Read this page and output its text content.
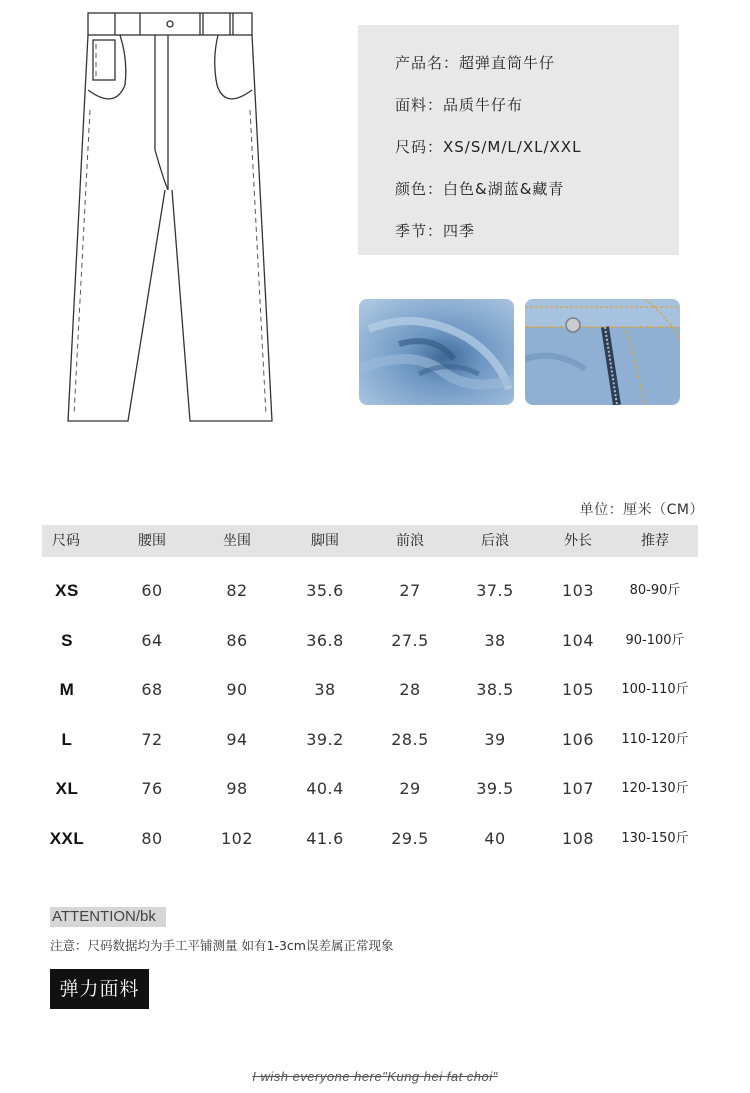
产品名：超弹直筒牛仔
面料：品质牛仔布
尺码：XS/S/M/L/XL/XXL
颜色：白色&湖蓝&藏青
季节：四季
单位：厘米（CM）
尺码	腰围	坐围	脚围	前浪	后浪	外长	推荐
XS	60	82	35.6	27	37.5	103	80-90斤
S	64	86	36.8	27.5	38	104 90-100斤
M	68	90	38	28	38.5	105 100-110斤
L	72	94	39.2	28.5	39	106 110-120斤
XL	76	98	40.4	29	39.5	107 120-130斤
XXL	80	102	41.6	29.5	40	108 130-150斤
ATTENTION/bk
注意：尺码数据均为手工平铺测量 如有1-3cm误差属正常现象
弹力面料
I wish everyone here"Kung hei fat choi"
